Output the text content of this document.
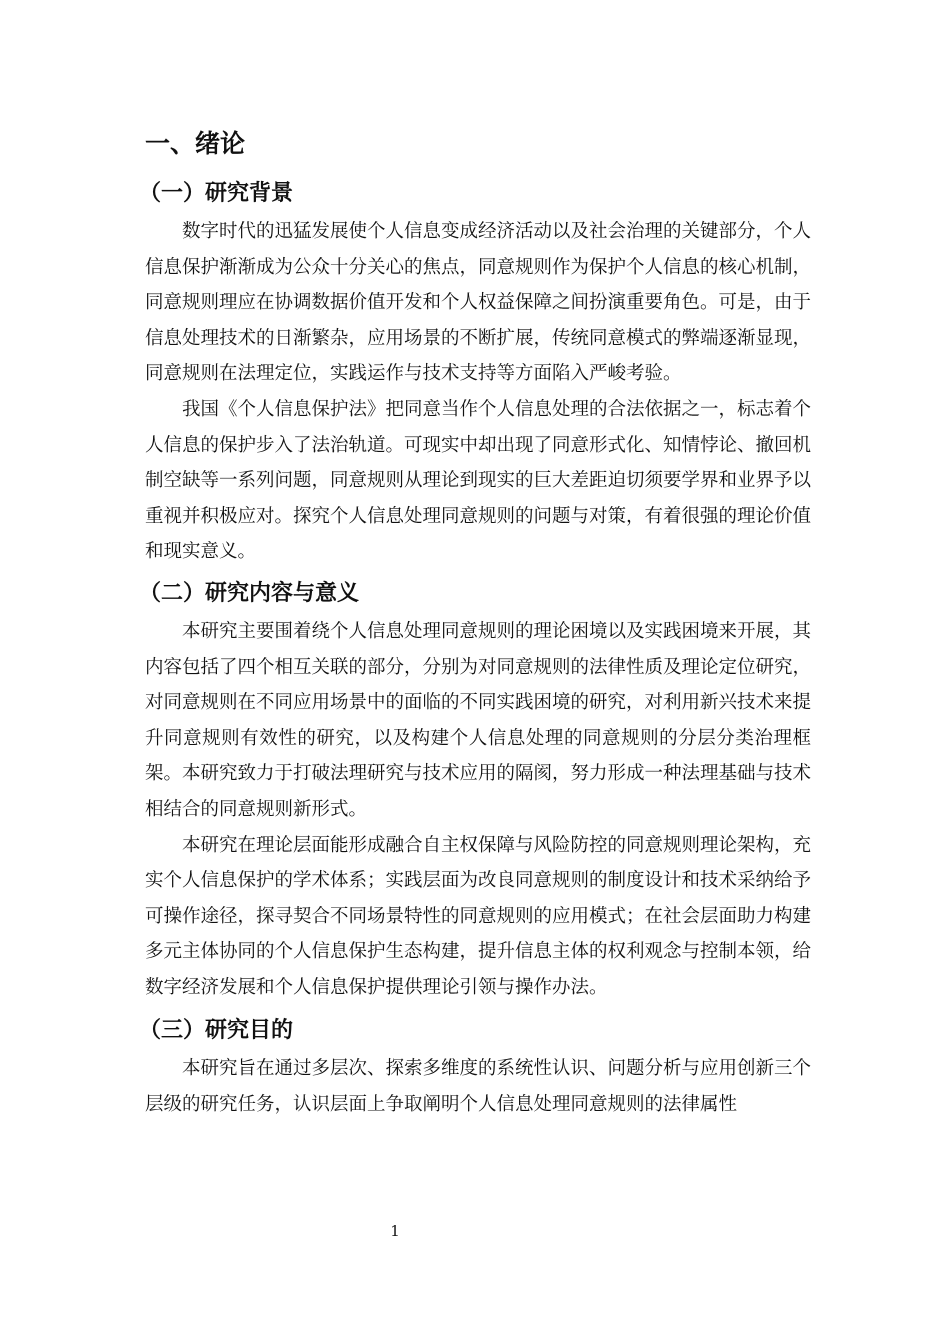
一、绪论
（一）研究背景

数字时代的迅猛发展使个人信息变成经济活动以及社会治理的关键部分，个人信息保护渐渐成为公众十分关心的焦点，同意规则作为保护个人信息的核心机制，同意规则理应在协调数据价值开发和个人权益保障之间扮演重要角色。可是，由于信息处理技术的日渐繁杂，应用场景的不断扩展，传统同意模式的弊端逐渐显现，同意规则在法理定位，实践运作与技术支持等方面陷入严峻考验。

我国《个人信息保护法》把同意当作个人信息处理的合法依据之一，标志着个人信息的保护步入了法治轨道。可现实中却出现了同意形式化、知情悖论、撤回机制空缺等一系列问题，同意规则从理论到现实的巨大差距迫切须要学界和业界予以重视并积极应对。探究个人信息处理同意规则的问题与对策，有着很强的理论价值和现实意义。

（二）研究内容与意义

本研究主要围着绕个人信息处理同意规则的理论困境以及实践困境来开展，其内容包括了四个相互关联的部分，分别为对同意规则的法律性质及理论定位研究，对同意规则在不同应用场景中的面临的不同实践困境的研究，对利用新兴技术来提升同意规则有效性的研究，以及构建个人信息处理的同意规则的分层分类治理框架。本研究致力于打破法理研究与技术应用的隔阂，努力形成一种法理基础与技术相结合的同意规则新形式。

本研究在理论层面能形成融合自主权保障与风险防控的同意规则理论架构，充实个人信息保护的学术体系；实践层面为改良同意规则的制度设计和技术采纳给予可操作途径，探寻契合不同场景特性的同意规则的应用模式；在社会层面助力构建多元主体协同的个人信息保护生态构建，提升信息主体的权利观念与控制本领，给数字经济发展和个人信息保护提供理论引领与操作办法。

（三）研究目的

本研究旨在通过多层次、探索多维度的系统性认识、问题分析与应用创新三个层级的研究任务，认识层面上争取阐明个人信息处理同意规则的法律属性

1
